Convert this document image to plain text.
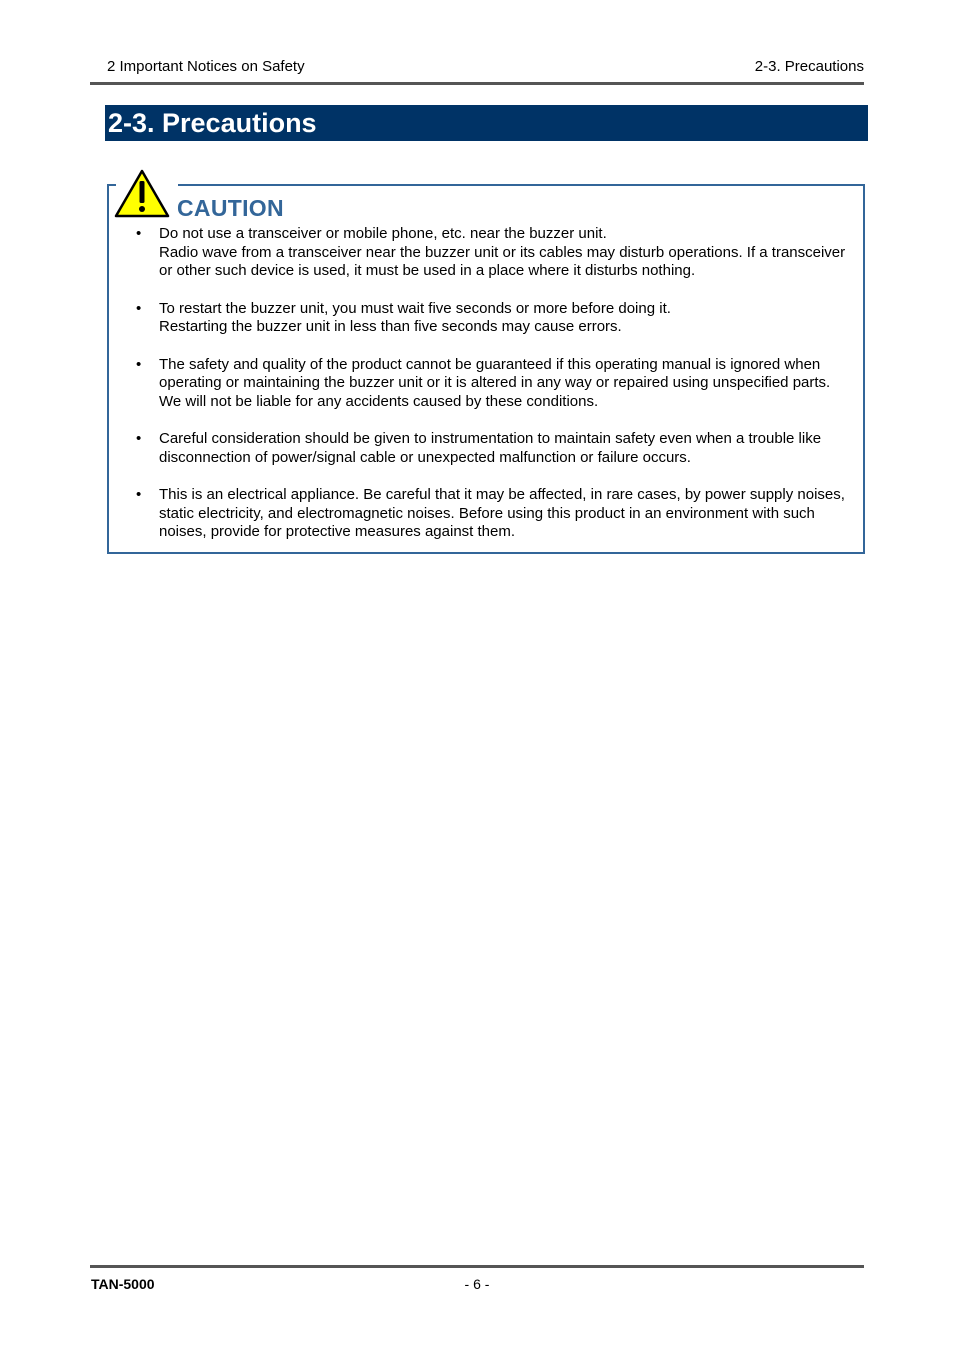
2 Important Notices on Safety	2-3. Precautions
2-3. Precautions
CAUTION
• Do not use a transceiver or mobile phone, etc. near the buzzer unit.

Radio wave from a transceiver near the buzzer unit or its cables may disturb operations. If a transceiver or other such device is used, it must be used in a place where it disturbs nothing.

• To restart the buzzer unit, you must wait five seconds or more before doing it.

Restarting the buzzer unit in less than five seconds may cause errors.

• The safety and quality of the product cannot be guaranteed if this operating manual is ignored when operating or maintaining the buzzer unit or it is altered in any way or repaired using unspecified parts. We will not be liable for any accidents caused by these conditions.

• Careful consideration should be given to instrumentation to maintain safety even when a trouble like disconnection of power/signal cable or unexpected malfunction or failure occurs.

• This is an electrical appliance. Be careful that it may be affected, in rare cases, by power supply noises, static electricity, and electromagnetic noises. Before using this product in an environment with such noises, provide for protective measures against them.

TAN-5000	- 6 -
